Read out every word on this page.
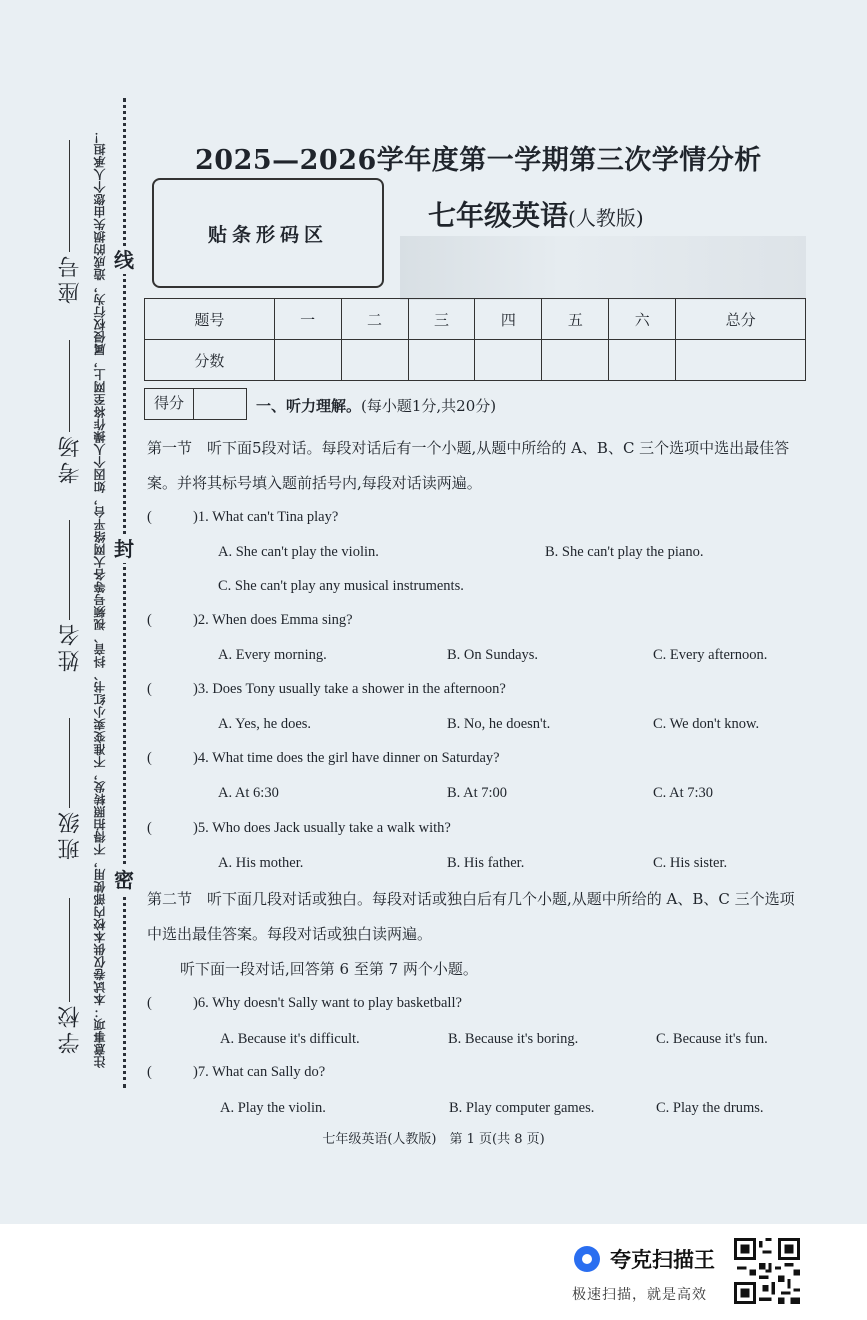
注意事项：本试卷仅供本校内部使用，不得拍照转发，不准变卖小红书、抖音、视频号等各大网络平台，如因个人操作将至网上，属侵权行为，造成的损失由您个人承担！ 线
封
密
座号
考场
姓名
班级
学校
2025—2026学年度第一学期第三次学情分析
贴条形码区
七年级英语(人教版)
题号	一	二	三	四	五	六	总分
分数							
得分	一、听力理解。(每小题1分,共20分)
第一节　听下面5段对话。每段对话后有一个小题,从题中所给的 A、B、C 三个选项中选出最佳答案。并将其标号填入题前括号内,每段对话读两遍。
(	)1. What can't Tina play?
A. She can't play the violin.	B. She can't play the piano.
C. She can't play any musical instruments.
(	)2. When does Emma sing?
A. Every morning.	B. On Sundays.	C. Every afternoon.
(	)3. Does Tony usually take a shower in the afternoon?
A. Yes, he does.	B. No, he doesn't.	C. We don't know.
(	)4. What time does the girl have dinner on Saturday?
A. At 6:30	B. At 7:00	C. At 7:30
(	)5. Who does Jack usually take a walk with?
A. His mother.	B. His father.	C. His sister.
第二节　听下面几段对话或独白。每段对话或独白后有几个小题,从题中所给的 A、B、C 三个选项中选出最佳答案。每段对话或独白读两遍。
听下面一段对话,回答第 6 至第 7 两个小题。
(	)6. Why doesn't Sally want to play basketball?
A. Because it's difficult.	B. Because it's boring.	C. Because it's fun.
(	)7. What can Sally do?
A. Play the violin.	B. Play computer games.	C. Play the drums.
七年级英语(人教版)　第 1 页(共 8 页)
夸克扫描王
极速扫描，就是高效
